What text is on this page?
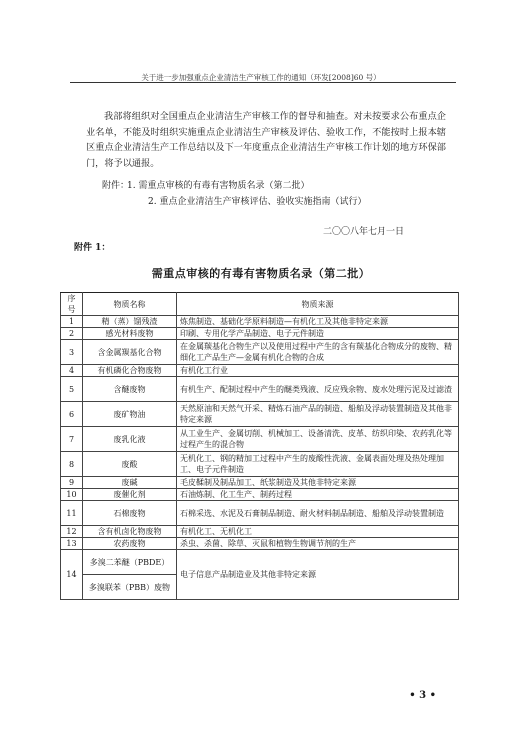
关于进一步加强重点企业清洁生产审核工作的通知（环发[2008]60 号）

我部将组织对全国重点企业清洁生产审核工作的督导和抽查。对未按要求公布重点企业名单，不能及时组织实施重点企业清洁生产审核及评估、验收工作，不能按时上报本辖区重点企业清洁生产工作总结以及下一年度重点企业清洁生产审核工作计划的地方环保部门，将予以通报。

附件：
1. 需重点审核的有毒有害物质名录（第二批）
2. 重点企业清洁生产审核评估、验收实施指南（试行）
二〇〇八年七月一日
附件 1：
需重点审核的有毒有害物质名录（第二批）
序号	物质名称	物质来源
1	精（蒸）馏残渣	炼焦制造、基础化学原料制造—有机化工及其他非特定来源
2	感光材料废物	印刷、专用化学产品制造、电子元件制造
3	含金属羰基化合物	在金属羰基化合物生产以及使用过程中产生的含有羰基化合物成分的废物、精细化工产品生产—金属有机化合物的合成
4	有机磷化合物废物	有机化工行业
5	含醚废物	有机生产、配制过程中产生的醚类残液、反应残余物、废水处理污泥及过滤渣
6	废矿物油	天然原油和天然气开采、精炼石油产品的制造、船舶及浮动装置制造及其他非特定来源
7	废乳化液	从工业生产、金属切削、机械加工、设备清洗、皮革、纺织印染、农药乳化等过程产生的混合物
8	废酸	无机化工、钢的精加工过程中产生的废酸性洗液、金属表面处理及热处理加工、电子元件制造
9	废碱	毛皮鞣制及制品加工、纸浆制造及其他非特定来源
10	废催化剂	石油炼制、化工生产、制药过程
11	石棉废物	石棉采选、水泥及石膏制品制造、耐火材料制品制造、船舶及浮动装置制造
12	含有机卤化物废物	有机化工、无机化工
13	农药废物	杀虫、杀菌、除草、灭鼠和植物生物调节剂的生产
14	多溴二苯醚（PBDE）	电子信息产品制造业及其他非特定来源
	多溴联苯（PBB）废物	
• 3 •
